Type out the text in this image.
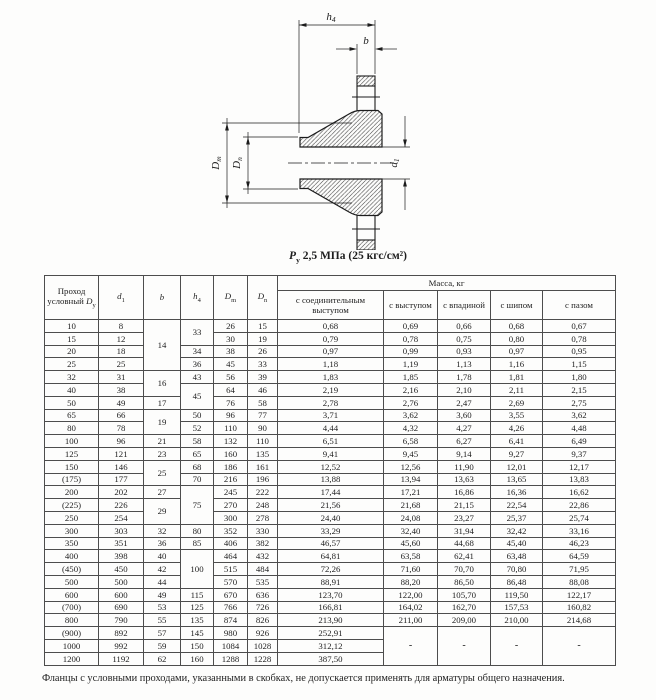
h4
b
Dm
Dn
d1
$P_у$ 2,5 МПа (25 кгс/см²)
Проход
условный $D_у$	$d_1$	b	$h_4$	$D_m$	$D_n$	Масса, кг				
						с соединительным выступом	с выступом	с впадиной	с шипом	с пазом
10	8	14	33	26	15	0,68	0,69	0,66	0,68	0,67
15	12			30	19	0,79	0,78	0,75	0,80	0,78
20	18		34	38	26	0,97	0,99	0,93	0,97	0,95
25	25		36	45	33	1,18	1,19	1,13	1,16	1,15
32	31	16	43	56	39	1,83	1,85	1,78	1,81	1,80
40	38		45	64	46	2,19	2,16	2,10	2,11	2,15
50	49	17		76	58	2,78	2,76	2,47	2,69	2,75
65	66	19	50	96	77	3,71	3,62	3,60	3,55	3,62
80	78		52	110	90	4,44	4,32	4,27	4,26	4,48
100	96	21	58	132	110	6,51	6,58	6,27	6,41	6,49
125	121	23	65	160	135	9,41	9,45	9,14	9,27	9,37
150	146	25	68	186	161	12,52	12,56	11,90	12,01	12,17
(175)	177		70	216	196	13,88	13,94	13,63	13,65	13,83
200	202	27	75	245	222	17,44	17,21	16,86	16,36	16,62
(225)	226	29		270	248	21,56	21,68	21,15	22,54	22,86
250	254			300	278	24,40	24,08	23,27	25,37	25,74
300	303	32	80	352	330	33,29	32,40	31,94	32,42	33,16
350	351	36	85	406	382	46,57	45,60	44,68	45,40	46,23
400	398	40	100	464	432	64,81	63,58	62,41	63,48	64,59
(450)	450	42		515	484	72,26	71,60	70,70	70,80	71,95
500	500	44		570	535	88,91	88,20	86,50	86,48	88,08
600	600	49	115	670	636	123,70	122,00	105,70	119,50	122,17
(700)	690	53	125	766	726	166,81	164,02	162,70	157,53	160,82
800	790	55	135	874	826	213,90	211,00	209,00	210,00	214,68
(900)	892	57	145	980	926	252,91	-	-	-	-
1000	992	59	150	1084	1028	312,12				
1200	1192	62	160	1288	1228	387,50				
Фланцы с условными проходами, указанными в скобках, не допускается применять для арматуры общего назначения.
